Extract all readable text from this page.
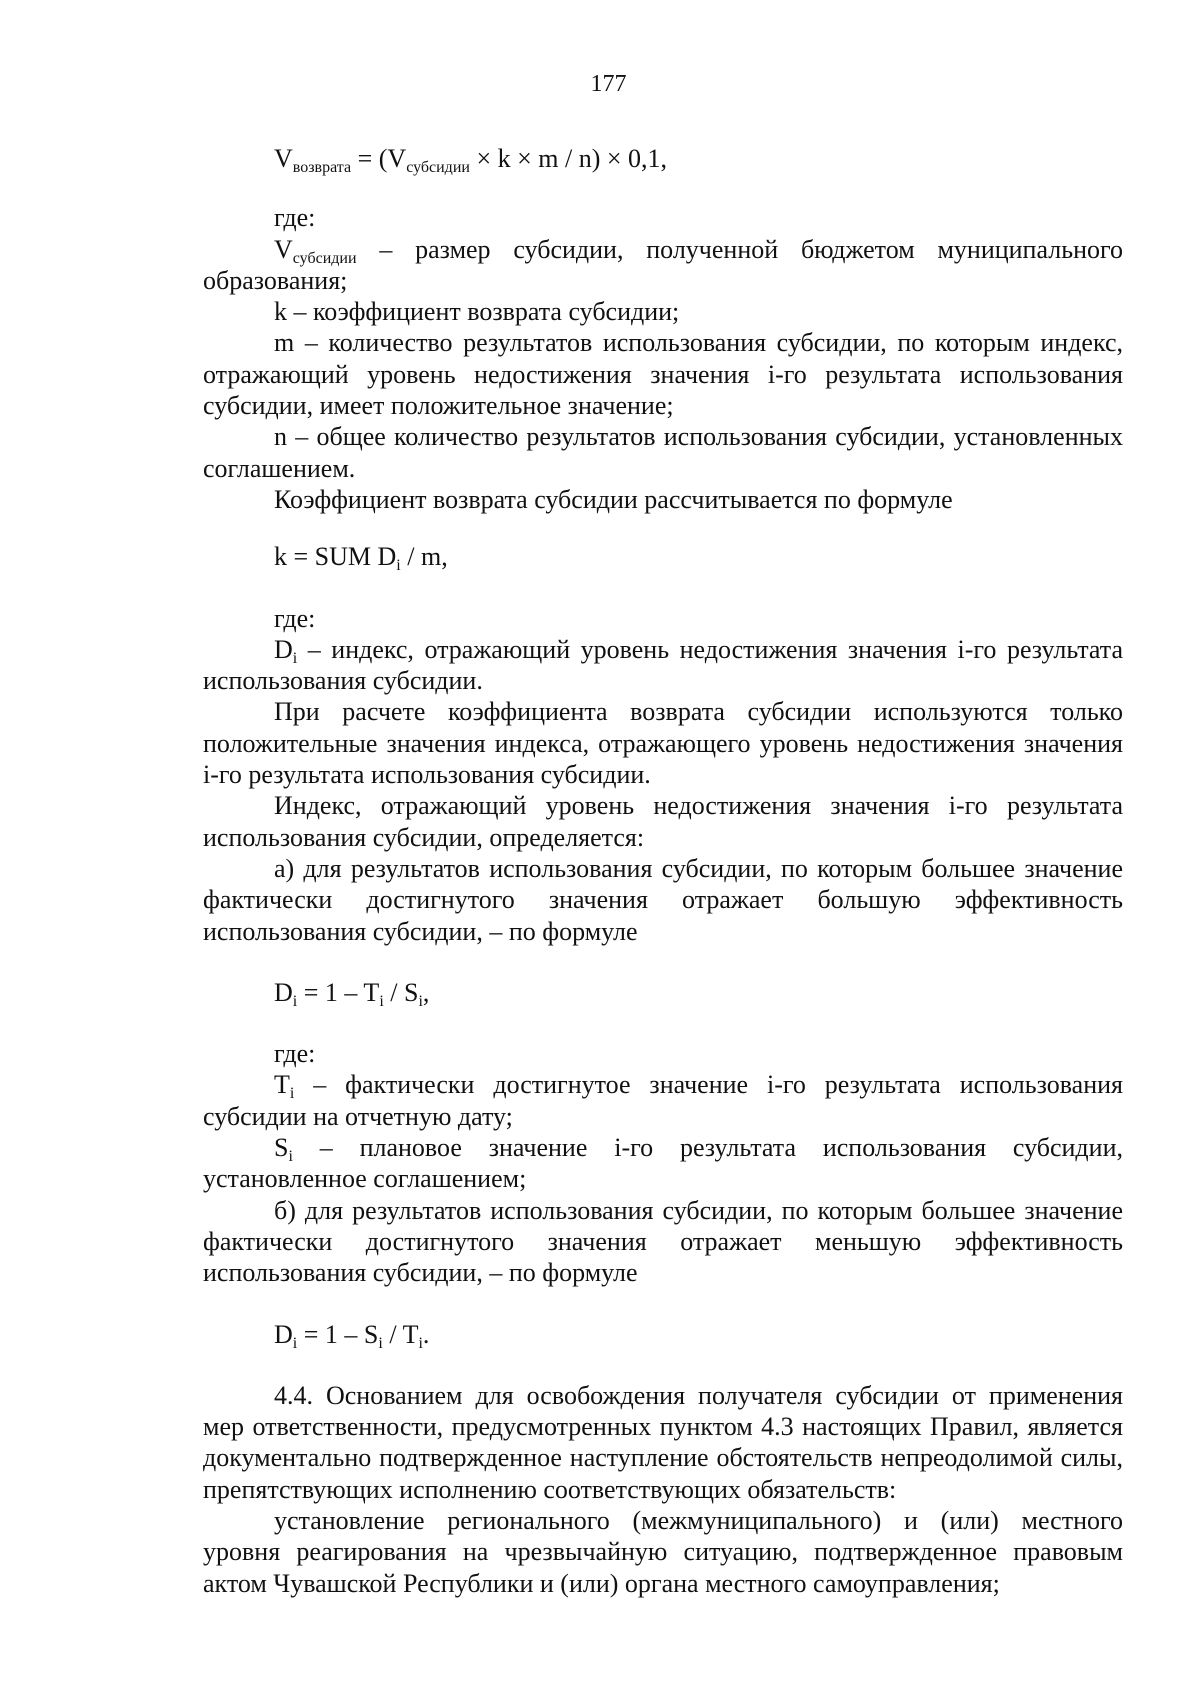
177

$V_{возврата} = (V_{субсидии} \times k \times m / n) \times 0,1$,

где:

$V_{субсидии}$ – размер субсидии, полученной бюджетом муниципального образования;

k – коэффициент возврата субсидии;

m – количество результатов использования субсидии, по которым индекс, отражающий уровень недостижения значения i-го результата использования субсидии, имеет положительное значение;

n – общее количество результатов использования субсидии, установленных соглашением.

Коэффициент возврата субсидии рассчитывается по формуле

k = SUM $D_i$ / m,

где:

$D_i$ – индекс, отражающий уровень недостижения значения i-го результата использования субсидии.

При расчете коэффициента возврата субсидии используются только положительные значения индекса, отражающего уровень недостижения значения i-го результата использования субсидии.

Индекс, отражающий уровень недостижения значения i-го результата использования субсидии, определяется:

а) для результатов использования субсидии, по которым большее значение фактически достигнутого значения отражает большую эффективность использования субсидии, – по формуле

$D_i = 1 - T_i / S_i$,

где:

$T_i$ – фактически достигнутое значение i-го результата использования субсидии на отчетную дату;

$S_i$ – плановое значение i-го результата использования субсидии, установленное соглашением;

б) для результатов использования субсидии, по которым большее значение фактически достигнутого значения отражает меньшую эффективность использования субсидии, – по формуле

$D_i = 1 - S_i / T_i$.

4.4. Основанием для освобождения получателя субсидии от применения мер ответственности, предусмотренных пунктом 4.3 настоящих Правил, является документально подтвержденное наступление обстоятельств непреодолимой силы, препятствующих исполнению соответствующих обязательств:

установление регионального (межмуниципального) и (или) местного уровня реагирования на чрезвычайную ситуацию, подтвержденное правовым актом Чувашской Республики и (или) органа местного самоуправления;
